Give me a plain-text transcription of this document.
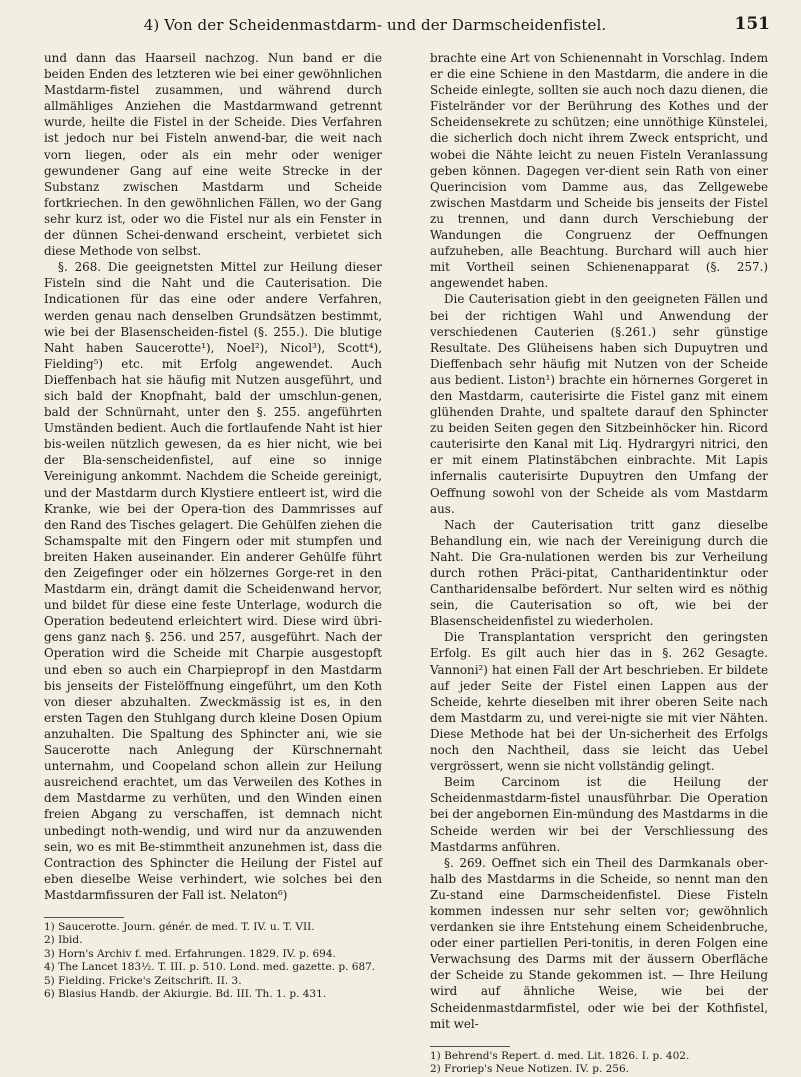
4) Von der Scheidenmastdarm- und der Darmscheidenfistel.	151

und dann das Haarseil nachzog. Nun band er die beiden Enden des letzteren wie bei einer gewöhnlichen Mastdarm-fistel zusammen, und während durch allmähliges Anziehen die Mastdarmwand getrennt wurde, heilte die Fistel in der Scheide. Dies Verfahren ist jedoch nur bei Fisteln anwend-bar, die weit nach vorn liegen, oder als ein mehr oder weniger gewundener Gang auf eine weite Strecke in der Substanz zwischen Mastdarm und Scheide fortkriechen. In den gewöhnlichen Fällen, wo der Gang sehr kurz ist, oder wo die Fistel nur als ein Fenster in der dünnen Schei-denwand erscheint, verbietet sich diese Methode von selbst.

§. 268. Die geeignetsten Mittel zur Heilung dieser Fisteln sind die Naht und die Cauterisation. Die Indicationen für das eine oder andere Verfahren, werden genau nach denselben Grundsätzen bestimmt, wie bei der Blasenscheiden-fistel (§. 255.). Die blutige Naht haben Saucerotte¹), Noel²), Nicol³), Scott⁴), Fielding⁵) etc. mit Erfolg angewendet. Auch Dieffenbach hat sie häufig mit Nutzen ausgeführt, und sich bald der Knopfnaht, bald der umschlun-genen, bald der Schnürnaht, unter den §. 255. angeführten Umständen bedient. Auch die fortlaufende Naht ist hier bis-weilen nützlich gewesen, da es hier nicht, wie bei der Bla-senscheidenfistel, auf eine so innige Vereinigung ankommt. Nachdem die Scheide gereinigt, und der Mastdarm durch Klystiere entleert ist, wird die Kranke, wie bei der Opera-tion des Dammrisses auf den Rand des Tisches gelagert. Die Gehülfen ziehen die Schamspalte mit den Fingern oder mit stumpfen und breiten Haken auseinander. Ein anderer Gehülfe führt den Zeigefinger oder ein hölzernes Gorge-ret in den Mastdarm ein, drängt damit die Scheidenwand hervor, und bildet für diese eine feste Unterlage, wodurch die Operation bedeutend erleichtert wird. Diese wird übri-gens ganz nach §. 256. und 257, ausgeführt. Nach der Operation wird die Scheide mit Charpie ausgestopft und eben so auch ein Charpiepropf in den Mastdarm bis jenseits der Fistelöffnung eingeführt, um den Koth von dieser abzuhalten. Zweckmässig ist es, in den ersten Tagen den Stuhlgang durch kleine Dosen Opium anzuhalten. Die Spaltung des Sphincter ani, wie sie Saucerotte nach Anlegung der Kürschnernaht unternahm, und Coopeland schon allein zur Heilung ausreichend erachtet, um das Verweilen des Kothes in dem Mastdarme zu verhüten, und den Winden einen freien Abgang zu verschaffen, ist demnach nicht unbedingt noth-wendig, und wird nur da anzuwenden sein, wo es mit Be-stimmtheit anzunehmen ist, dass die Contraction des Sphincter die Heilung der Fistel auf eben dieselbe Weise verhindert, wie solches bei den Mastdarmfissuren der Fall ist. Nelaton⁶)

1) Saucerotte. Journ. génér. de med. T. IV. u. T. VII.
2) Ibid.
3) Horn's Archiv f. med. Erfahrungen. 1829. IV. p. 694.
4) The Lancet 183½. T. III. p. 510. Lond. med. gazette. p. 687.
5) Fielding. Fricke's Zeitschrift. II. 3.
6) Blasius Handb. der Akiurgie. Bd. III. Th. 1. p. 431.

brachte eine Art von Schienennaht in Vorschlag. Indem er die eine Schiene in den Mastdarm, die andere in die Scheide einlegte, sollten sie auch noch dazu dienen, die Fistelränder vor der Berührung des Kothes und der Scheidensekrete zu schützen; eine unnöthige Künstelei, die sicherlich doch nicht ihrem Zweck entspricht, und wobei die Nähte leicht zu neuen Fisteln Veranlassung geben können. Dagegen ver-dient sein Rath von einer Querincision vom Damme aus, das Zellgewebe zwischen Mastdarm und Scheide bis jenseits der Fistel zu trennen, und dann durch Verschiebung der Wandungen die Congruenz der Oeffnungen aufzuheben, alle Beachtung. Burchard will auch hier mit Vortheil seinen Schienenapparat (§. 257.) angewendet haben.

Die Cauterisation giebt in den geeigneten Fällen und bei der richtigen Wahl und Anwendung der verschiedenen Cauterien (§.261.) sehr günstige Resultate. Des Glüheisens haben sich Dupuytren und Dieffenbach sehr häufig mit Nutzen von der Scheide aus bedient. Liston¹) brachte ein hörnernes Gorgeret in den Mastdarm, cauterisirte die Fistel ganz mit einem glühenden Drahte, und spaltete darauf den Sphincter zu beiden Seiten gegen den Sitzbeinhöcker hin. Ricord cauterisirte den Kanal mit Liq. Hydrargyri nitrici, den er mit einem Platinstäbchen einbrachte. Mit Lapis infernalis cauterisirte Dupuytren den Umfang der Oeffnung sowohl von der Scheide als vom Mastdarm aus.

Nach der Cauterisation tritt ganz dieselbe Behandlung ein, wie nach der Vereinigung durch die Naht. Die Gra-nulationen werden bis zur Verheilung durch rothen Präci-pitat, Cantharidentinktur oder Cantharidensalbe befördert. Nur selten wird es nöthig sein, die Cauterisation so oft, wie bei der Blasenscheidenfistel zu wiederholen.

Die Transplantation verspricht den geringsten Erfolg. Es gilt auch hier das in §. 262 Gesagte. Vannoni²) hat einen Fall der Art beschrieben. Er bildete auf jeder Seite der Fistel einen Lappen aus der Scheide, kehrte dieselben mit ihrer oberen Seite nach dem Mastdarm zu, und verei-nigte sie mit vier Nähten. Diese Methode hat bei der Un-sicherheit des Erfolgs noch den Nachtheil, dass sie leicht das Uebel vergrössert, wenn sie nicht vollständig gelingt.

Beim Carcinom ist die Heilung der Scheidenmastdarm-fistel unausführbar. Die Operation bei der angebornen Ein-mündung des Mastdarms in die Scheide werden wir bei der Verschliessung des Mastdarms anführen.

§. 269. Oeffnet sich ein Theil des Darmkanals ober-halb des Mastdarms in die Scheide, so nennt man den Zu-stand eine Darmscheidenfistel. Diese Fisteln kommen indessen nur sehr selten vor; gewöhnlich verdanken sie ihre Entstehung einem Scheidenbruche, oder einer partiellen Peri-tonitis, in deren Folgen eine Verwachsung des Darms mit der äussern Oberfläche der Scheide zu Stande gekommen ist. — Ihre Heilung wird auf ähnliche Weise, wie bei der Scheidenmastdarmfistel, oder wie bei der Kothfistel, mit wel-

1) Behrend's Repert. d. med. Lit. 1826. I. p. 402.
2) Froriep's Neue Notizen. IV. p. 256.
